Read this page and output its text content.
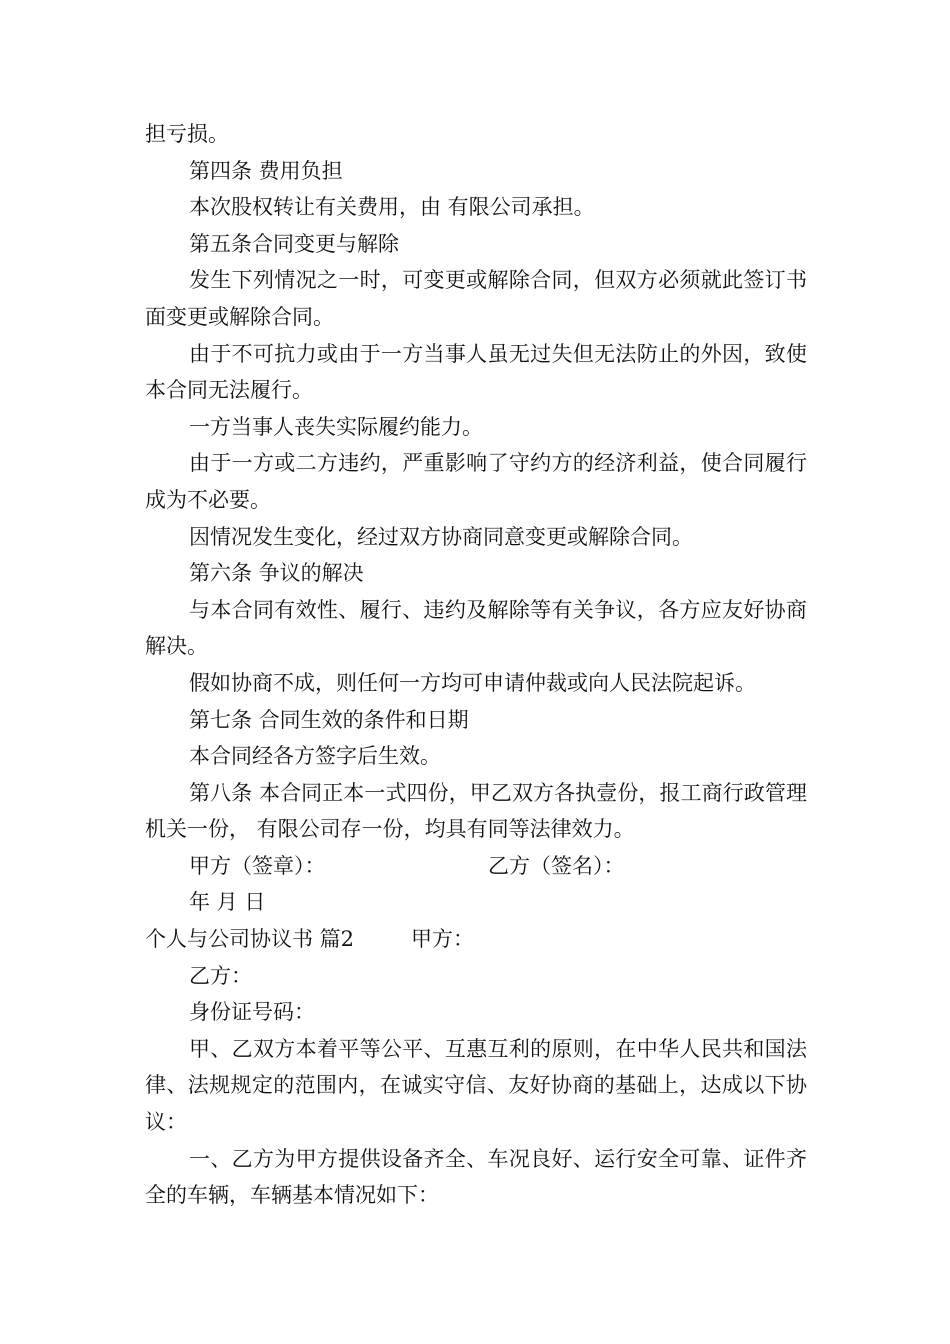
担亏损。

第四条 费用负担

本次股权转让有关费用，由 有限公司承担。

第五条合同变更与解除

发生下列情况之一时，可变更或解除合同，但双方必须就此签订书面变更或解除合同。

由于不可抗力或由于一方当事人虽无过失但无法防止的外因，致使本合同无法履行。

一方当事人丧失实际履约能力。

由于一方或二方违约，严重影响了守约方的经济利益，使合同履行成为不必要。

因情况发生变化，经过双方协商同意变更或解除合同。

第六条 争议的解决

与本合同有效性、履行、违约及解除等有关争议，各方应友好协商解决。

假如协商不成，则任何一方均可申请仲裁或向人民法院起诉。

第七条 合同生效的条件和日期

本合同经各方签字后生效。

第八条 本合同正本一式四份，甲乙双方各执壹份，报工商行政管理机关一份， 有限公司存一份，均具有同等法律效力。

甲方（签章）：	乙方（签名）：

年 月 日

个人与公司协议书 篇2	甲方：

乙方：

身份证号码：

甲、乙双方本着平等公平、互惠互利的原则，在中华人民共和国法律、法规规定的范围内，在诚实守信、友好协商的基础上，达成以下协议：

一、乙方为甲方提供设备齐全、车况良好、运行安全可靠、证件齐全的车辆，车辆基本情况如下：
